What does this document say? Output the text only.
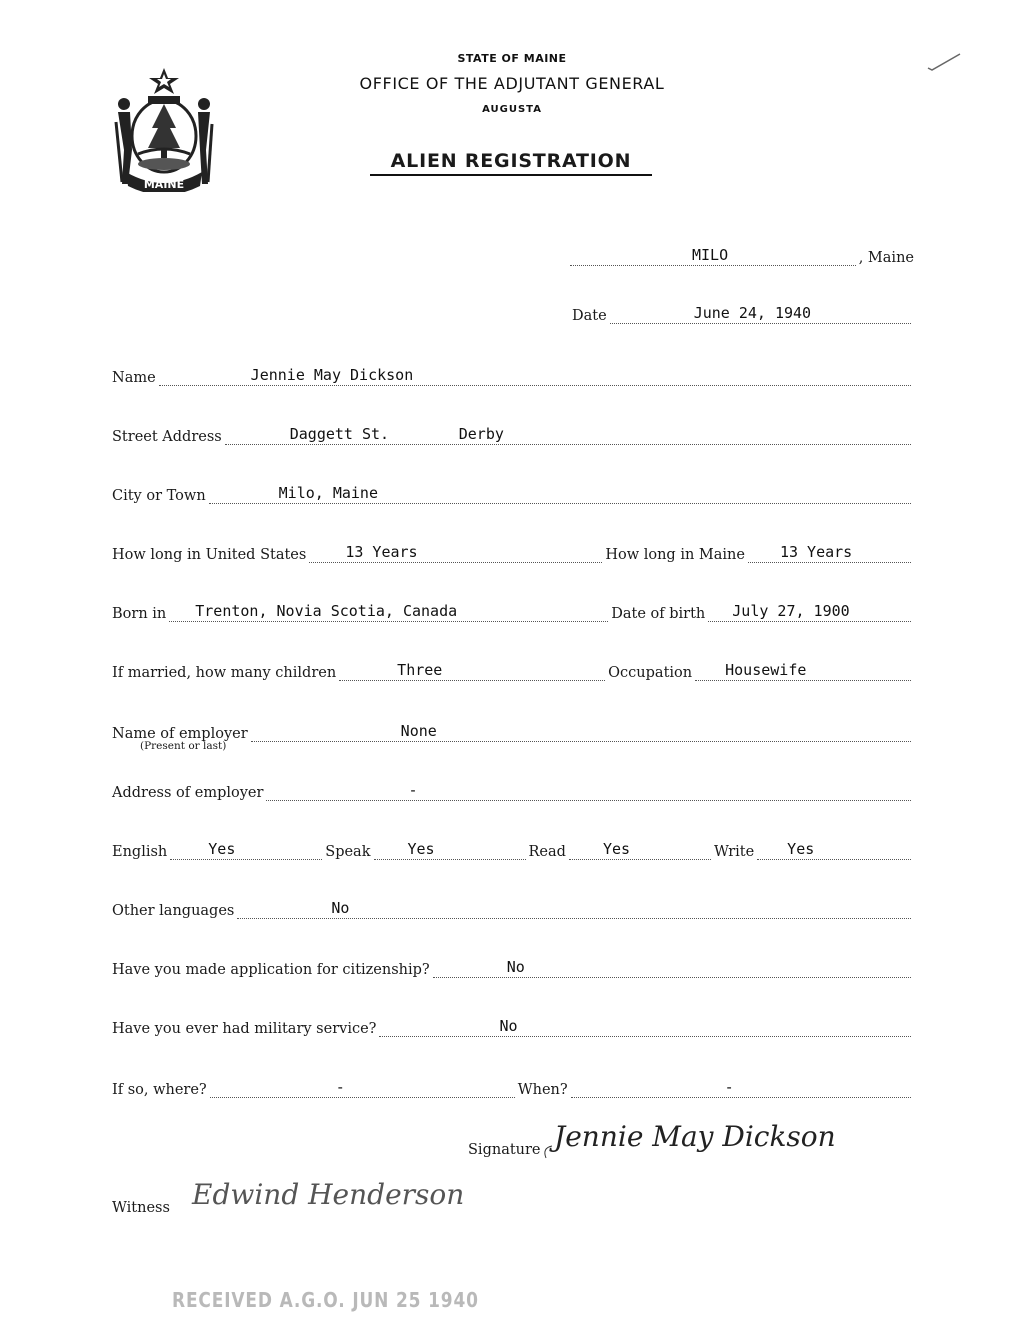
MAINE
STATE OF MAINE
OFFICE OF THE ADJUTANT GENERAL
AUGUSTA
ALIEN REGISTRATION
MILO	, Maine
Date	June 24, 1940
Name	Jennie May Dickson
Street Address	Daggett St.	Derby
City or Town	Milo, Maine
How long in United States	13 Years	How long in Maine 13 Years
Born in Trenton, Novia Scotia, Canada	Date of birth July 27, 1900
If married, how many children	Three	Occupation Housewife
Name of employer	None
(Present or last)
Address of employer	-
English	Yes	Speak Yes	Read Yes	Write Yes
Other languages	No
Have you made application for citizenship?	No
Have you ever had military service?	No
If so, where?	-	When?	-
Signature Jennie May Dickson
Witness Edwind Henderson
RECEIVED A.G.O. JUN 25 1940
